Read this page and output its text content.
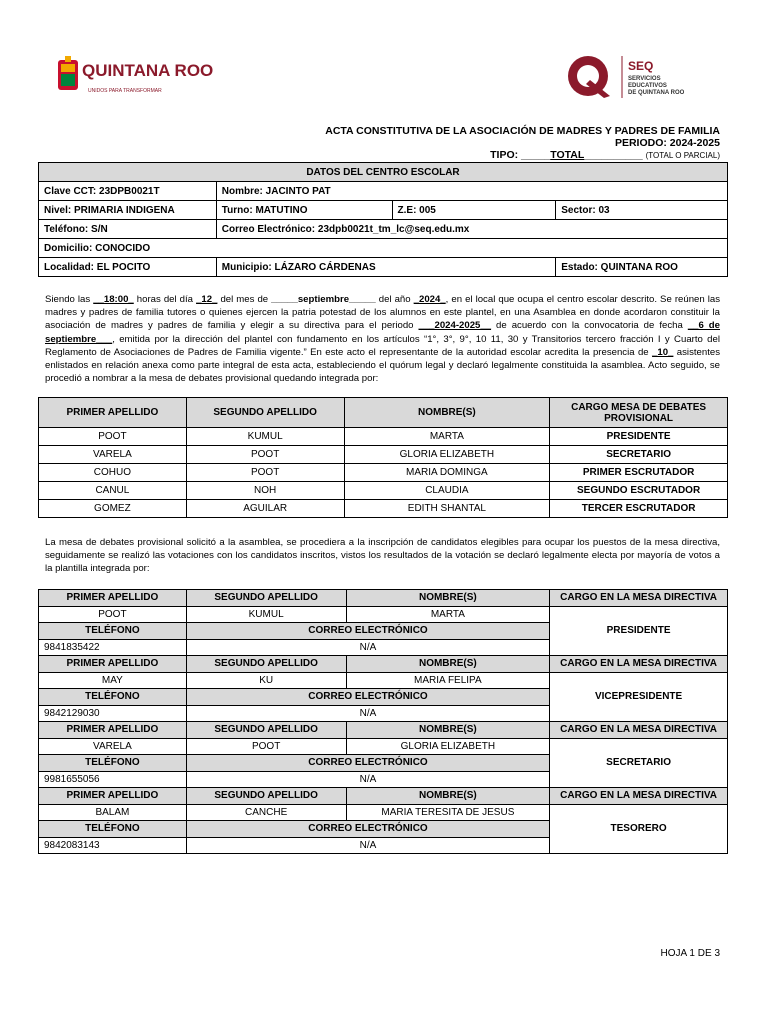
QUINTANA ROO
UNIDOS PARA TRANSFORMAR
SEQ
SERVICIOS
EDUCATIVOS
DE QUINTANA ROO
ACTA CONSTITUTIVA DE LA ASOCIACIÓN DE MADRES Y PADRES DE FAMILIA
PERIODO: 2024-2025
TIPO: _____TOTAL__________ (TOTAL O PARCIAL)
DATOS DEL CENTRO ESCOLAR			
Clave CCT: 23DPB0021T	Nombre: JACINTO PAT		
Nivel: PRIMARIA INDIGENA	Turno: MATUTINO	Z.E: 005	Sector: 03
Teléfono: S/N	Correo Electrónico: 23dpb0021t_tm_lc@seq.edu.mx		
Domicilio: CONOCIDO			
Localidad: EL POCITO	Municipio: LÁZARO CÁRDENAS		Estado: QUINTANA ROO
Siendo las __18:00_ horas del día _12_ del mes de _____septiembre_____ del año _2024_, en el local que ocupa el centro escolar descrito. Se reúnen las madres y padres de familia tutores o quienes ejercen la patria potestad de los alumnos en este plantel, en una Asamblea en donde acordaron constituir la asociación de madres y padres de familia y elegir a su directiva para el periodo ___2024-2025__ de acuerdo con la convocatoria de fecha __6 de septiembre___, emitida por la dirección del plantel con fundamento en los artículos “1°, 3°, 9°, 10 11, 30 y Transitorios tercero fracción I y Cuarto del Reglamento de Asociaciones de Padres de Familia vigente.” En este acto el representante de la autoridad escolar acredita la presencia de _10_ asistentes enlistados en relación anexa como parte integral de esta acta, estableciendo el quórum legal y declaró legalmente constituida la asamblea. Acto seguido, se procedió a nombrar a la mesa de debates provisional quedando integrada por:
PRIMER APELLIDO	SEGUNDO APELLIDO	NOMBRE(S)	CARGO MESA DE DEBATES PROVISIONAL
POOT	KUMUL	MARTA	PRESIDENTE
VARELA	POOT	GLORIA ELIZABETH	SECRETARIO
COHUO	POOT	MARIA DOMINGA	PRIMER ESCRUTADOR
CANUL	NOH	CLAUDIA	SEGUNDO ESCRUTADOR
GOMEZ	AGUILAR	EDITH SHANTAL	TERCER ESCRUTADOR
La mesa de debates provisional solicitó a la asamblea, se procediera a la inscripción de candidatos elegibles para ocupar los puestos de la mesa directiva, seguidamente se realizó las votaciones con los candidatos inscritos, vistos los resultados de la votación se declaró legalmente electa por mayoría de votos a la plantilla integrada por:
PRIMER APELLIDO	SEGUNDO APELLIDO	NOMBRE(S)	CARGO EN LA MESA DIRECTIVA
POOT	KUMUL	MARTA	PRESIDENTE
TELÉFONO	CORREO ELECTRÓNICO		
9841835422	N/A		
PRIMER APELLIDO	SEGUNDO APELLIDO	NOMBRE(S)	CARGO EN LA MESA DIRECTIVA
MAY	KU	MARIA FELIPA	VICEPRESIDENTE
TELÉFONO	CORREO ELECTRÓNICO		
9842129030	N/A		
PRIMER APELLIDO	SEGUNDO APELLIDO	NOMBRE(S)	CARGO EN LA MESA DIRECTIVA
VARELA	POOT	GLORIA ELIZABETH	SECRETARIO
TELÉFONO	CORREO ELECTRÓNICO		
9981655056	N/A		
PRIMER APELLIDO	SEGUNDO APELLIDO	NOMBRE(S)	CARGO EN LA MESA DIRECTIVA
BALAM	CANCHE	MARIA TERESITA DE JESUS	TESORERO
TELÉFONO	CORREO ELECTRÓNICO		
9842083143	N/A		
HOJA 1 DE 3
